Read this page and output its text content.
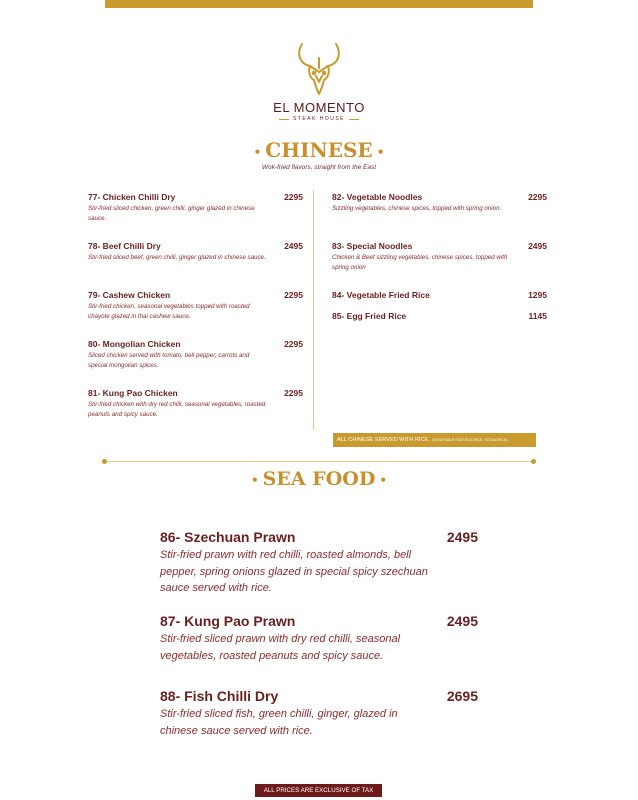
EL MOMENTO
STEAK HOUSE
• CHINESE •
Wok-fried flavors, straight from the East
77- Chicken Chilli Dry	2295
Stir-fried sliced chicken, green chilli, ginger glazed in chinese sauce.
78- Beef Chilli Dry	2495
Stir-fried sliced beef, green chilli, ginger glazed in chinese sauce.
79- Cashew Chicken	2295
Stir-fried chicken, seasonal vegetables topped with roasted chayote glazed in thai cashew sauce.
80- Mongolian Chicken	2295
Sliced chicken served with tomato, bell pepper, carrots and special mongolian spices.
81- Kung Pao Chicken	2295
Stir-fried chicken with dry red chilli, seasonal vegetables, roasted peanuts and spicy sauce.
82- Vegetable Noodles	2295
Sizzling vegetables, chinese spices, topped with spring onion.
83- Special Noodles	2495
Chicken & Beef sizzling vegetables, chinese spices, topped with spring onion
84- Vegetable Fried Rice	1295
85- Egg Fried Rice	1145
ALL CHINESE SERVED WITH RICE. (VEGETABLE RICE EGG RICE, STEAM RICE)
• SEA FOOD •
86- Szechuan Prawn	2495
Stir-fried prawn with red chilli, roasted almonds, bell pepper, spring onions glazed in special spicy szechuan sauce served with rice.
87- Kung Pao Prawn	2495
Stir-fried sliced prawn with dry red chilli, seasonal vegetables, roasted peanuts and spicy sauce.
88- Fish Chilli Dry	2695
Stir-fried sliced fish, green chilli, ginger, glazed in chinese sauce served with rice.
ALL PRICES ARE EXCLUSIVE OF TAX
